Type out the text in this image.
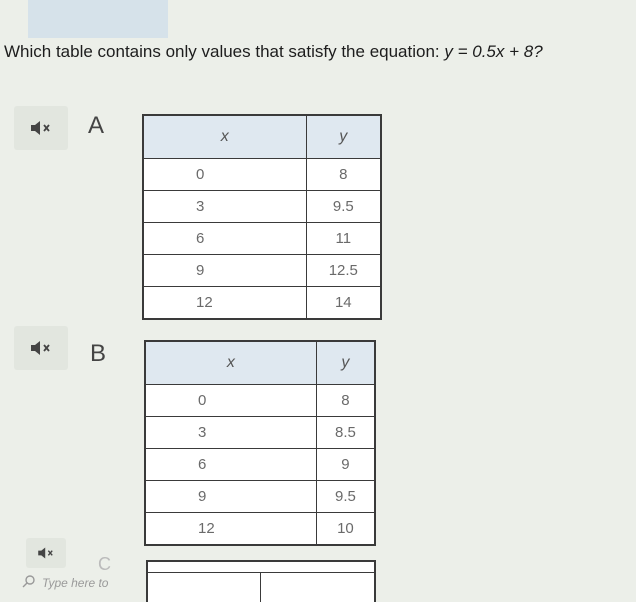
Which table contains only values that satisfy the equation: y = 0.5x + 8?
A	x	y
0	8
3	9.5
6	11
9	12.5
12	14
B	x	y
0	8
3	8.5
6	9
9	9.5
12	10
C
Type here to
